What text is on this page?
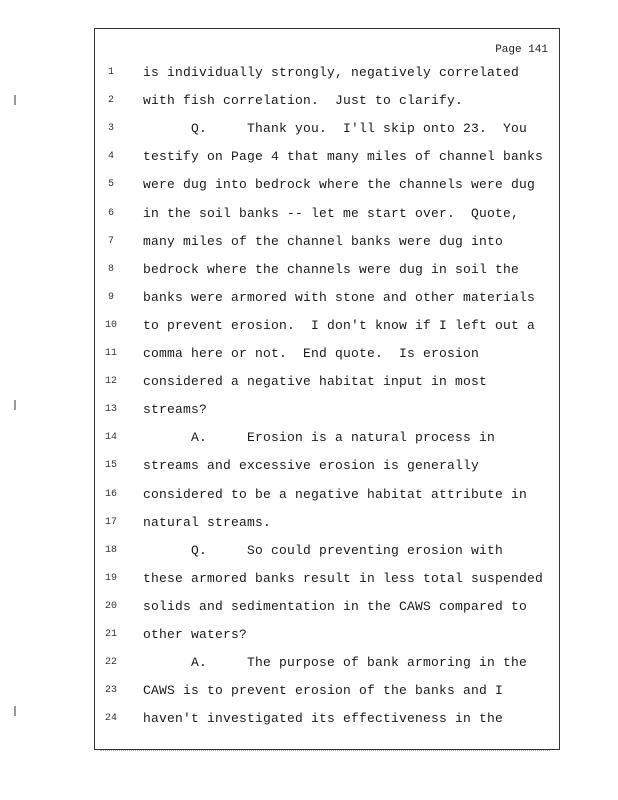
Page 141
1	is individually strongly, negatively correlated
2	with fish correlation.  Just to clarify.
3	Q.     Thank you.  I'll skip onto 23.  You
4	testify on Page 4 that many miles of channel banks
5	were dug into bedrock where the channels were dug
6	in the soil banks -- let me start over.  Quote,
7	many miles of the channel banks were dug into
8	bedrock where the channels were dug in soil the
9	banks were armored with stone and other materials
10 to prevent erosion.  I don't know if I left out a
11 comma here or not.  End quote.  Is erosion
12 considered a negative habitat input in most
13 streams?
14 A.     Erosion is a natural process in
15 streams and excessive erosion is generally
16 considered to be a negative habitat attribute in
17 natural streams.
18 Q.     So could preventing erosion with
19 these armored banks result in less total suspended
20 solids and sedimentation in the CAWS compared to
21 other waters?
22 A.     The purpose of bank armoring in the
23 CAWS is to prevent erosion of the banks and I
24 haven't investigated its effectiveness in the
